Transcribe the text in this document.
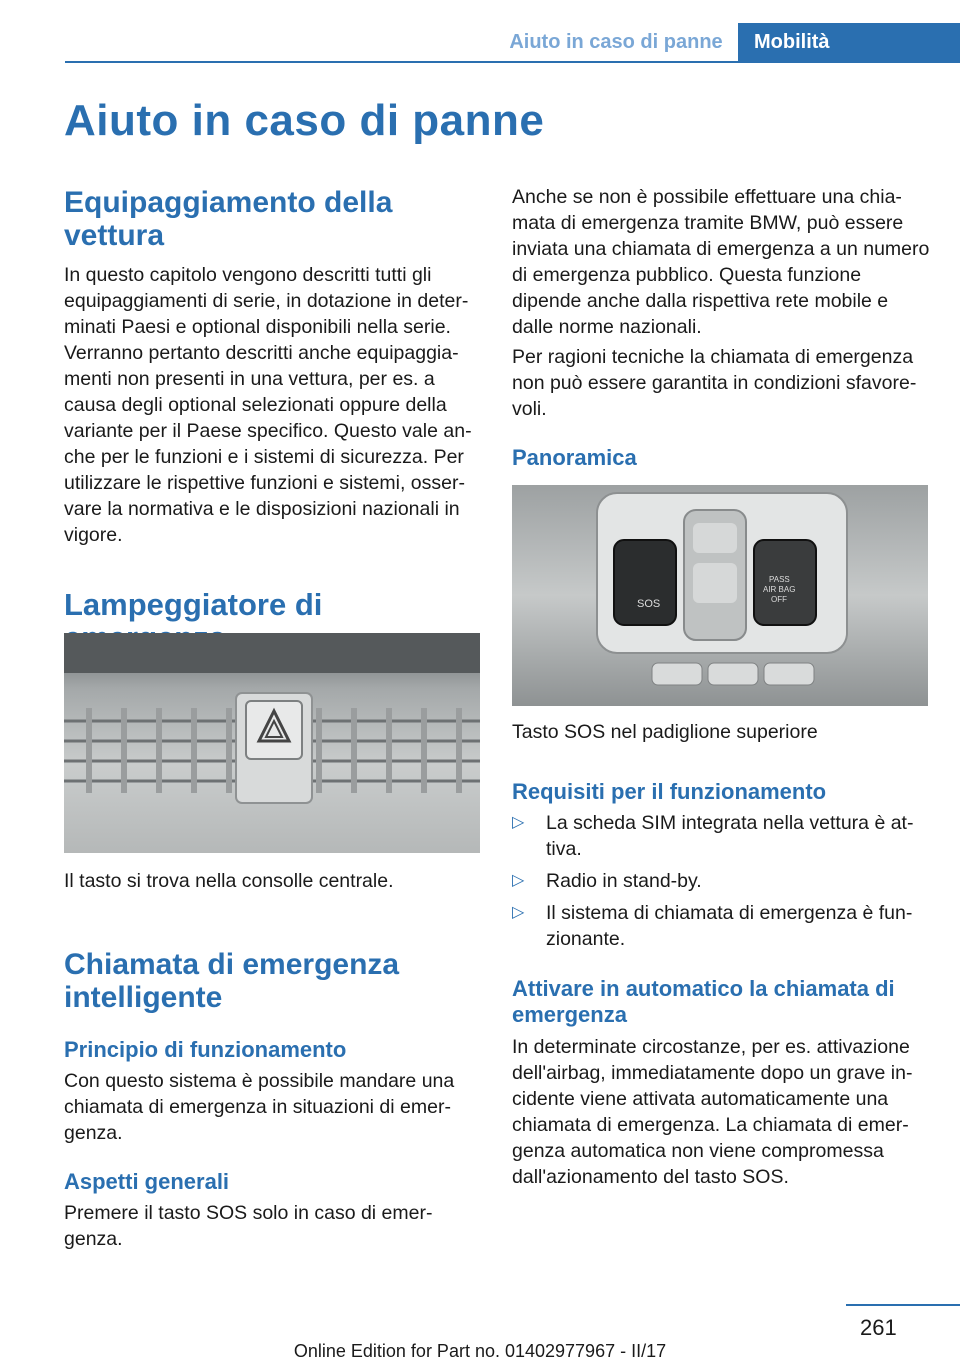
Aiuto in caso di panne	Mobilità
Aiuto in caso di panne
Equipaggiamento della vettura
In questo capitolo vengono descritti tutti gli equipaggiamenti di serie, in dotazione in determinati Paesi e optional disponibili nella serie. Verranno pertanto descritti anche equipaggiamenti non presenti in una vettura, per es. a causa degli optional selezionati oppure della variante per il Paese specifico. Questo vale anche per le funzioni e i sistemi di sicurezza. Per utilizzare le rispettive funzioni e sistemi, osservare la normativa e le disposizioni nazionali in vigore.
Lampeggiatore di
Il tasto si trova nella consolle centrale.
Chiamata di emergenza intelligente
Principio di funzionamento
Con questo sistema è possibile mandare una chiamata di emergenza in situazioni di emergenza.
Aspetti generali
Premere il tasto SOS solo in caso di emergenza.
Anche se non è possibile effettuare una chiamata di emergenza tramite BMW, può essere inviata una chiamata di emergenza a un numero di emergenza pubblico. Questa funzione dipende anche dalla rispettiva rete mobile e dalle norme nazionali.
Per ragioni tecniche la chiamata di emergenza non può essere garantita in condizioni sfavorevoli.
Panoramica
SOS
PASS
AIR BAG
OFF
Tasto SOS nel padiglione superiore
Requisiti per il funzionamento
▷	La scheda SIM integrata nella vettura è attiva.
▷	Radio in stand-by.
▷	Il sistema di chiamata di emergenza è funzionante.
Attivare in automatico la chiamata di emergenza
In determinate circostanze, per es. attivazione dell'airbag, immediatamente dopo un grave incidente viene attivata automaticamente una chiamata di emergenza. La chiamata di emergenza automatica non viene compromessa dall'azionamento del tasto SOS.
261
Online Edition for Part no. 01402977967 - II/17
